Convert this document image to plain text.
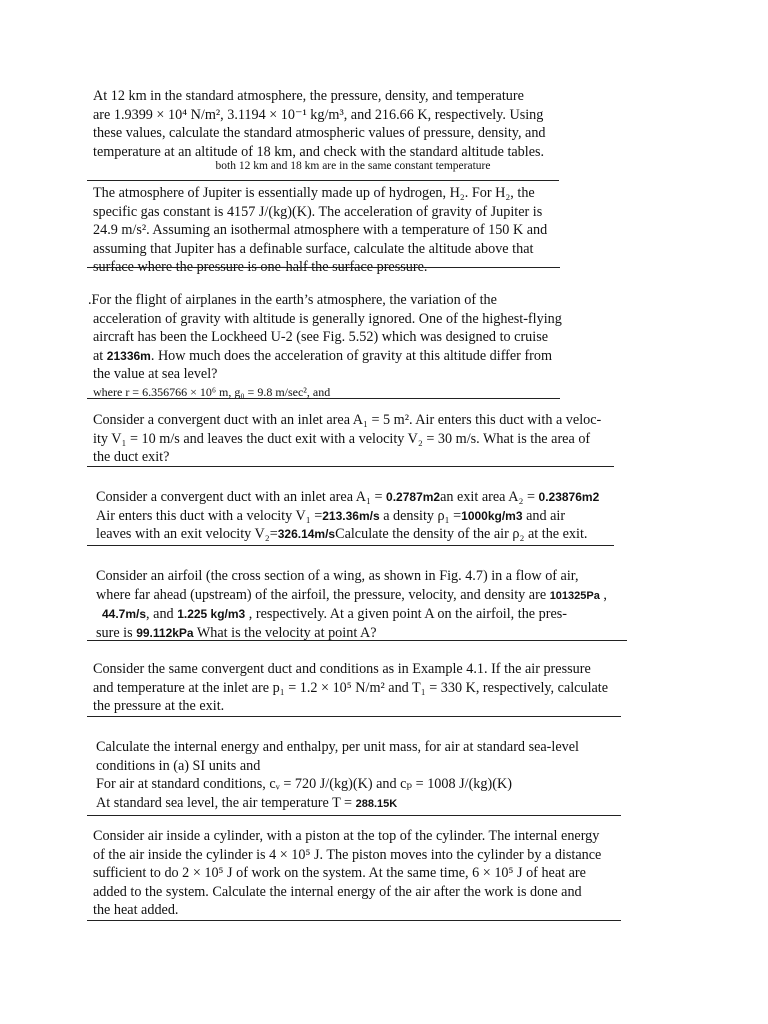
At 12 km in the standard atmosphere, the pressure, density, and temperature

are 1.9399 × 10⁴ N/m², 3.1194 × 10⁻¹ kg/m³, and 216.66 K, respectively. Using

these values, calculate the standard atmospheric values of pressure, density, and

temperature at an altitude of 18 km, and check with the standard altitude tables.

both 12 km and 18 km are in the same constant temperature

The atmosphere of Jupiter is essentially made up of hydrogen, H₂. For H₂, the

specific gas constant is 4157 J/(kg)(K). The acceleration of gravity of Jupiter is

24.9 m/s². Assuming an isothermal atmosphere with a temperature of 150 K and

assuming that Jupiter has a definable surface, calculate the altitude above that

surface where the pressure is one-half the surface pressure.

.For the flight of airplanes in the earth’s atmosphere, the variation of the

acceleration of gravity with altitude is generally ignored. One of the highest-flying

aircraft has been the Lockheed U-2 (see Fig. 5.52) which was designed to cruise

at 21336m. How much does the acceleration of gravity at this altitude differ from

the value at sea level?

where r = 6.356766 × 10⁶ m, g₀ = 9.8 m/sec², and

Consider a convergent duct with an inlet area A₁ = 5 m². Air enters this duct with a veloc-

ity V₁ = 10 m/s and leaves the duct exit with a velocity V₂ = 30 m/s. What is the area of

the duct exit?

Consider a convergent duct with an inlet area A₁ = 0.2787m2an exit area A₂ = 0.23876m2

Air enters this duct with a velocity V₁ =213.36m/s a density ρ₁ =1000kg/m3 and air

leaves with an exit velocity V₂=326.14m/sCalculate the density of the air ρ₂ at the exit.

Consider an airfoil (the cross section of a wing, as shown in Fig. 4.7) in a flow of air,

where far ahead (upstream) of the airfoil, the pressure, velocity, and density are 101325Pa ,

44.7m/s, and 1.225 kg/m3 , respectively. At a given point A on the airfoil, the pres-

sure is 99.112kPa What is the velocity at point A?

Consider the same convergent duct and conditions as in Example 4.1. If the air pressure

and temperature at the inlet are p₁ = 1.2 × 10⁵ N/m² and T₁ = 330 K, respectively, calculate

the pressure at the exit.

Calculate the internal energy and enthalpy, per unit mass, for air at standard sea-level

conditions in (a) SI units and

For air at standard conditions, cᵥ = 720 J/(kg)(K) and cₚ = 1008 J/(kg)(K)

At standard sea level, the air temperature T = 288.15K

Consider air inside a cylinder, with a piston at the top of the cylinder. The internal energy

of the air inside the cylinder is 4 × 10⁵ J. The piston moves into the cylinder by a distance

sufficient to do 2 × 10⁵ J of work on the system. At the same time, 6 × 10⁵ J of heat are

added to the system. Calculate the internal energy of the air after the work is done and

the heat added.
